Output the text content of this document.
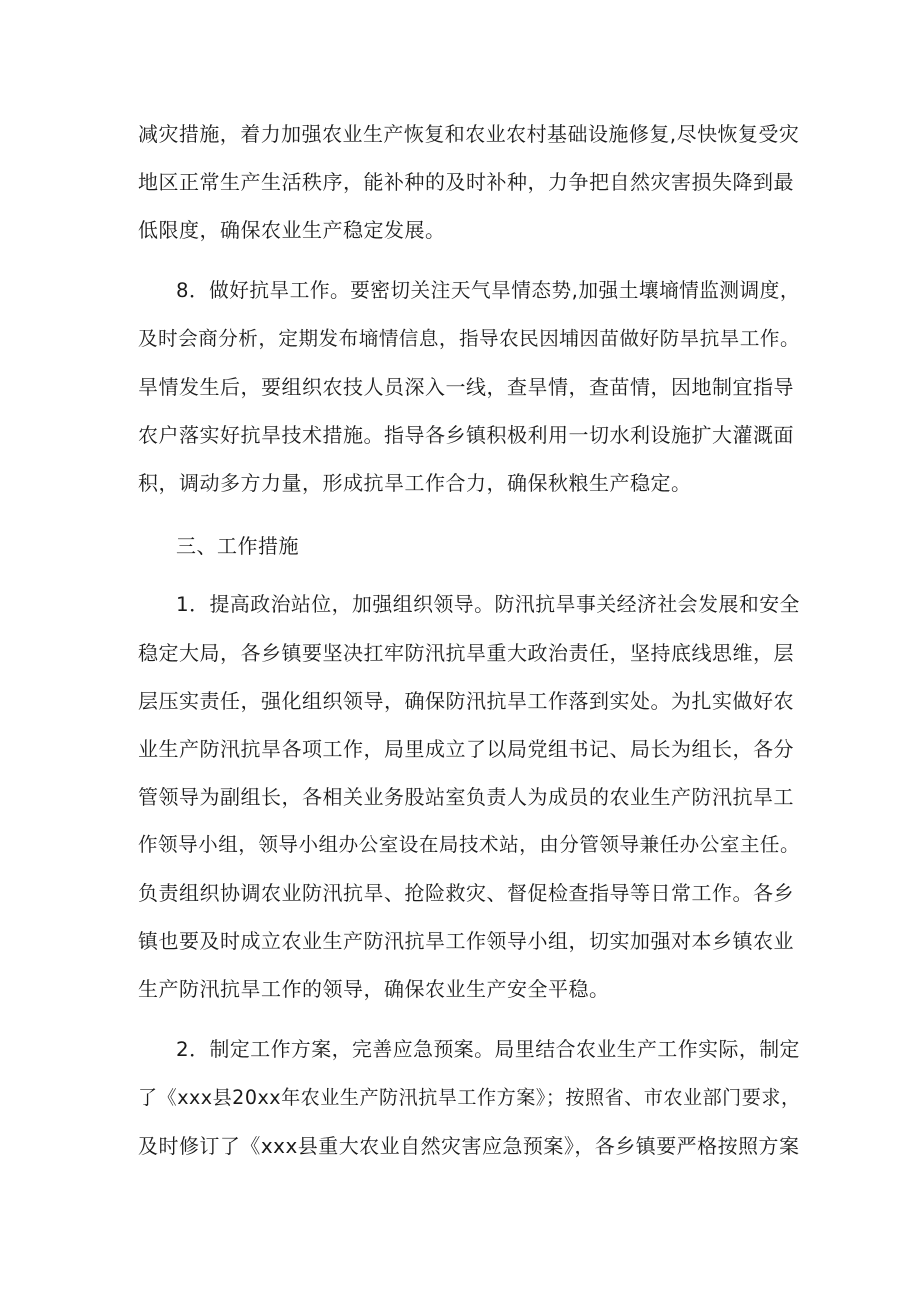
减灾措施，着力加强农业生产恢复和农业农村基础设施修复,尽快恢复受灾
地区正常生产生活秩序，能补种的及时补种，力争把自然灾害损失降到最
低限度，确保农业生产稳定发展。
8．做好抗旱工作。要密切关注天气旱情态势,加强土壤墒情监测调度，
及时会商分析，定期发布墒情信息，指导农民因埔因苗做好防旱抗旱工作。
旱情发生后，要组织农技人员深入一线，查旱情，查苗情，因地制宜指导
农户落实好抗旱技术措施。指导各乡镇积极利用一切水利设施扩大灌溉面
积，调动多方力量，形成抗旱工作合力，确保秋粮生产稳定。
三、工作措施
1．提高政治站位，加强组织领导。防汛抗旱事关经济社会发展和安全
稳定大局，各乡镇要坚决扛牢防汛抗旱重大政治责任，坚持底线思维，层
层压实责任，强化组织领导，确保防汛抗旱工作落到实处。为扎实做好农
业生产防汛抗旱各项工作，局里成立了以局党组书记、局长为组长，各分
管领导为副组长，各相关业务股站室负责人为成员的农业生产防汛抗旱工
作领导小组，领导小组办公室设在局技术站，由分管领导兼任办公室主任。
负责组织协调农业防汛抗旱、抢险救灾、督促检查指导等日常工作。各乡
镇也要及时成立农业生产防汛抗旱工作领导小组，切实加强对本乡镇农业
生产防汛抗旱工作的领导，确保农业生产安全平稳。
2．制定工作方案，完善应急预案。局里结合农业生产工作实际，制定
了《xxx县20xx年农业生产防汛抗旱工作方案》；按照省、市农业部门要求，
及时修订了《xxx县重大农业自然灾害应急预案》，各乡镇要严格按照方案
